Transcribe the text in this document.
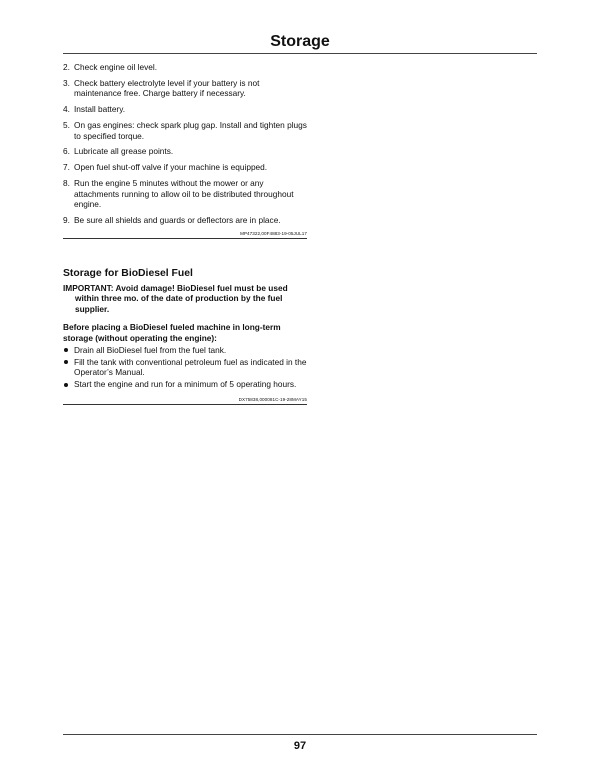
Storage
2. Check engine oil level.
3. Check battery electrolyte level if your battery is not maintenance free. Charge battery if necessary.
4. Install battery.
5. On gas engines: check spark plug gap. Install and tighten plugs to specified torque.
6. Lubricate all grease points.
7. Open fuel shut-off valve if your machine is equipped.
8. Run the engine 5 minutes without the mower or any attachments running to allow oil to be distributed throughout engine.
9. Be sure all shields and guards or deflectors are in place.
MP47322,00F4883-19-05JUL17
Storage for BioDiesel Fuel

IMPORTANT: Avoid damage! BioDiesel fuel must be used within three mo. of the date of production by the fuel supplier.

Before placing a BioDiesel fueled machine in long-term storage (without operating the engine):

Drain all BioDiesel fuel from the fuel tank.
Fill the tank with conventional petroleum fuel as indicated in the Operator’s Manual.
Start the engine and run for a minimum of 5 operating hours.
DX75838,000081C-19-28MAY15
97
